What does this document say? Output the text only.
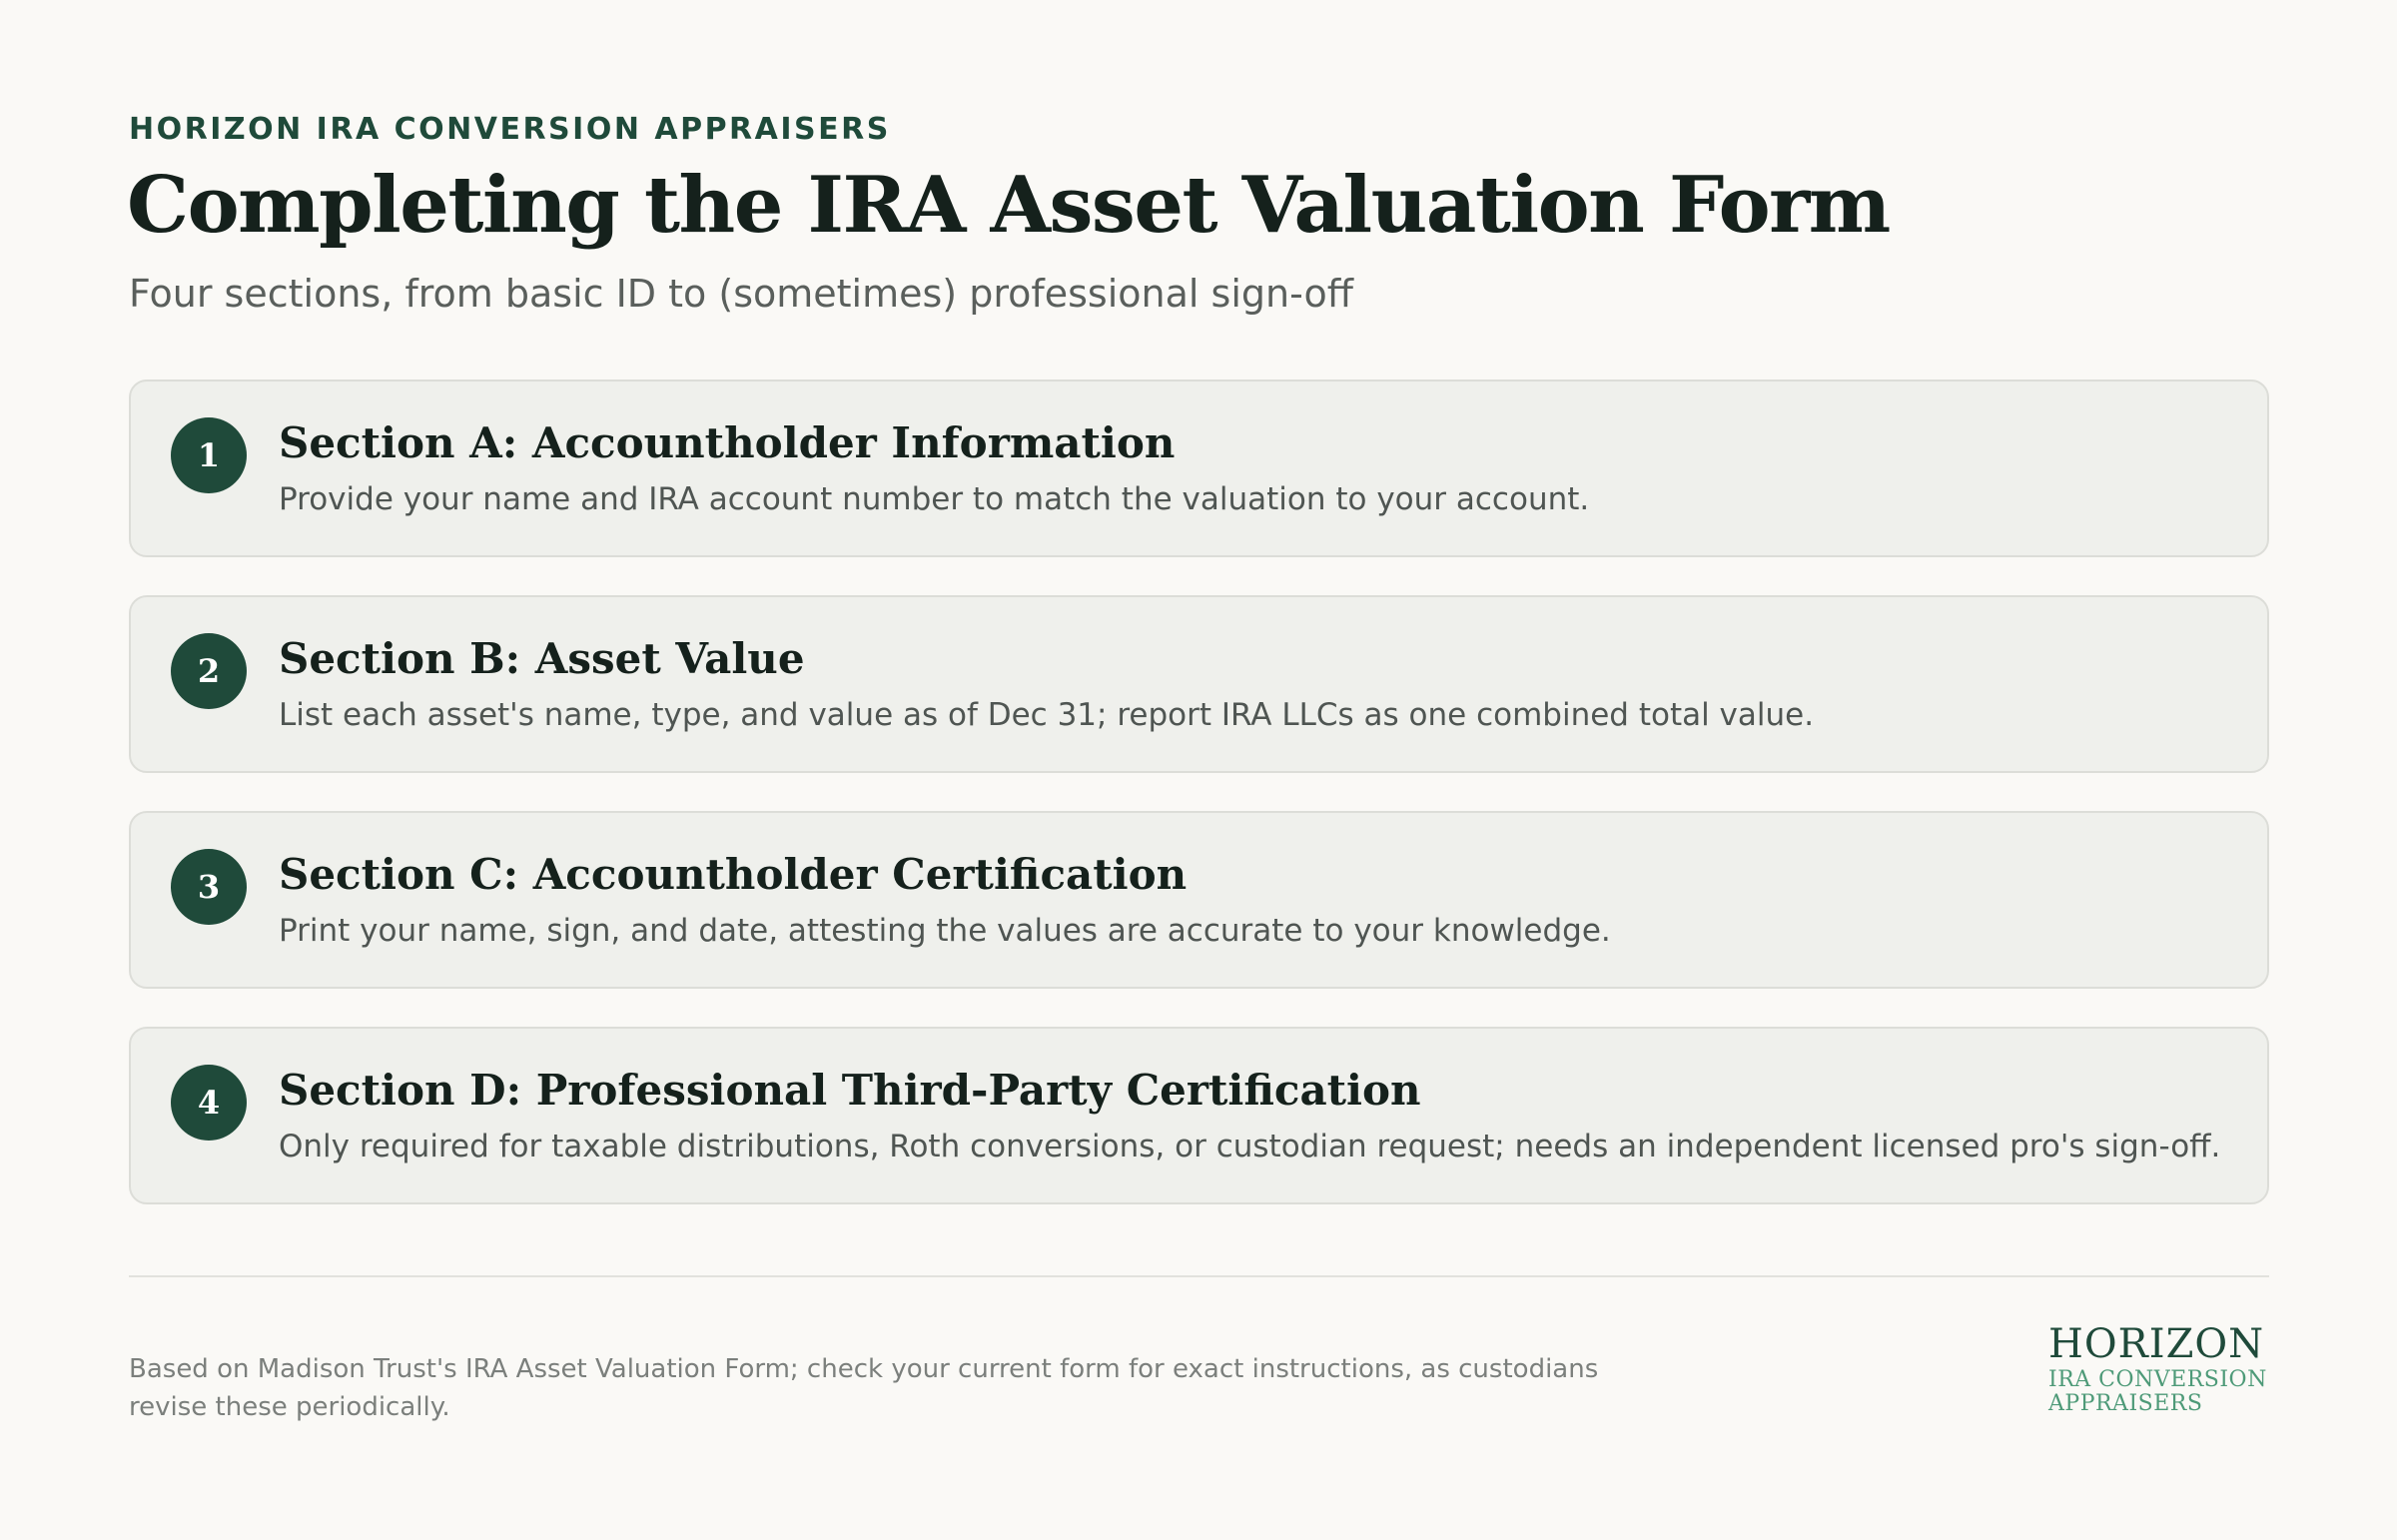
HORIZON IRA CONVERSION APPRAISERS
Completing the IRA Asset Valuation Form
Four sections, from basic ID to (sometimes) professional sign-off
1	Section A: Accountholder Information
Provide your name and IRA account number to match the valuation to your account.
2	Section B: Asset Value
List each asset's name, type, and value as of Dec 31; report IRA LLCs as one combined total value.
3	Section C: Accountholder Certification
Print your name, sign, and date, attesting the values are accurate to your knowledge.
4	Section D: Professional Third-Party Certification
Only required for taxable distributions, Roth conversions, or custodian request; needs an independent licensed pro's sign-off.
Based on Madison Trust's IRA Asset Valuation Form; check your current form for exact instructions, as custodians revise these periodically.
HORIZON
IRA CONVERSION
APPRAISERS
